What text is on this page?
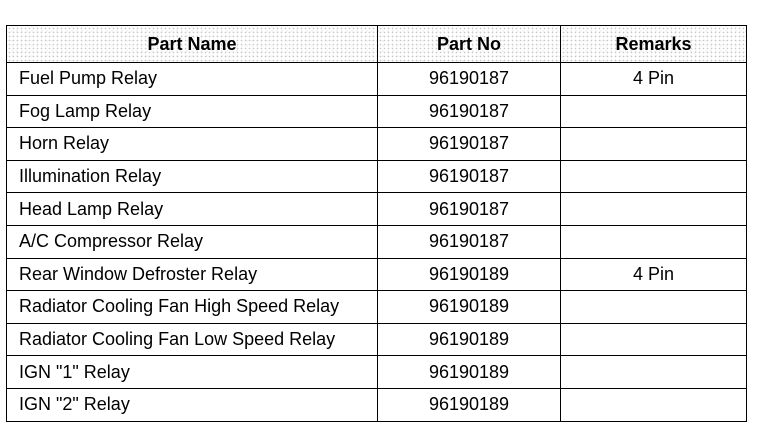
Part Name	Part No	Remarks
Fuel Pump Relay	96190187	4 Pin
Fog Lamp Relay	96190187	
Horn Relay	96190187	
Illumination Relay	96190187	
Head Lamp Relay	96190187	
A/C Compressor Relay	96190187	
Rear Window Defroster Relay	96190189	4 Pin
Radiator Cooling Fan High Speed Relay	96190189	
Radiator Cooling Fan Low Speed Relay	96190189	
IGN "1" Relay	96190189	
IGN "2" Relay	96190189	
